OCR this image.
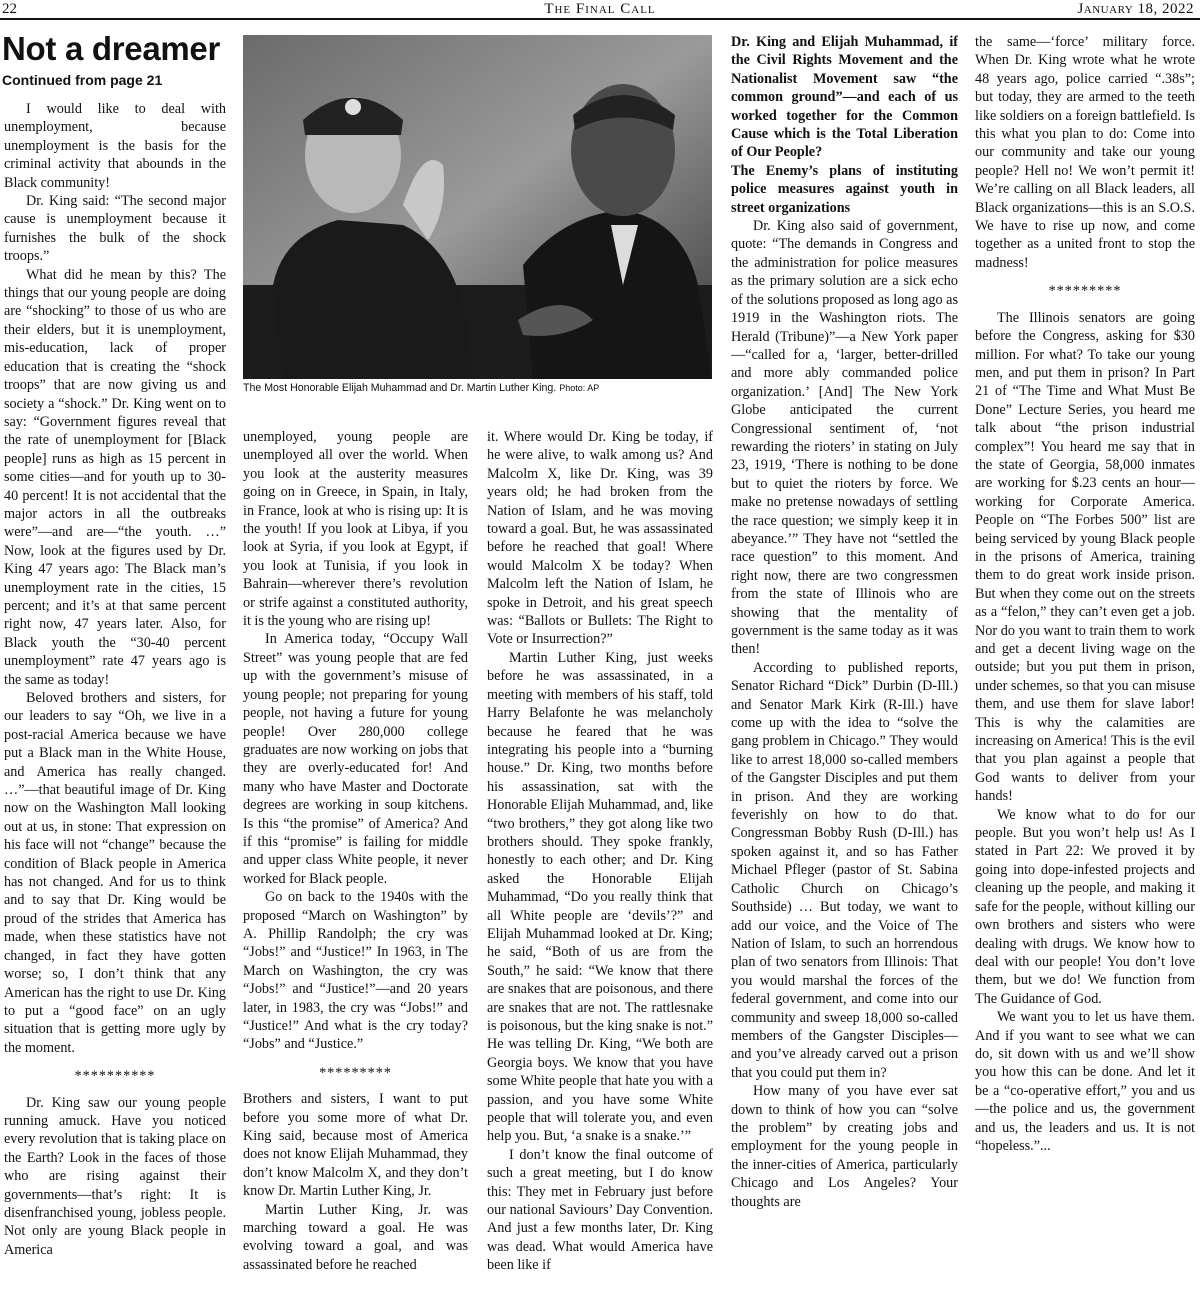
22	The Final Call	January 18, 2022
Not a dreamer
Continued from page 21

I would like to deal with unemployment, because unemployment is the basis for the criminal activity that abounds in the Black community!

Dr. King said: “The second major cause is unemployment because it furnishes the bulk of the shock troops.”

What did he mean by this? The things that our young people are doing are “shocking” to those of us who are their elders, but it is unemployment, mis-education, lack of proper education that is creating the “shock troops” that are now giving us and society a “shock.” Dr. King went on to say: “Government figures reveal that the rate of unemployment for [Black people] runs as high as 15 percent in some cities—and for youth up to 30-40 percent! It is not accidental that the major actors in all the outbreaks were”—and are—“the youth. …” Now, look at the figures used by Dr. King 47 years ago: The Black man’s unemployment rate in the cities, 15 percent; and it’s at that same percent right now, 47 years later. Also, for Black youth the “30-40 percent unemployment” rate 47 years ago is the same as today!

Beloved brothers and sisters, for our leaders to say “Oh, we live in a post-racial America because we have put a Black man in the White House, and America has really changed. …”—that beautiful image of Dr. King now on the Washington Mall looking out at us, in stone: That expression on his face will not “change” because the condition of Black people in America has not changed. And for us to think and to say that Dr. King would be proud of the strides that America has made, when these statistics have not changed, in fact they have gotten worse; so, I don’t think that any American has the right to use Dr. King to put a “good face” on an ugly situation that is getting more ugly by the moment.

**********

Dr. King saw our young people running amuck. Have you noticed every revolution that is taking place on the Earth? Look in the faces of those who are rising against their governments—that’s right: It is disenfranchised young, jobless people. Not only are young Black people in America

The Most Honorable Elijah Muhammad and Dr. Martin Luther King. Photo: AP

unemployed, young people are unemployed all over the world. When you look at the austerity measures going on in Greece, in Spain, in Italy, in France, look at who is rising up: It is the youth! If you look at Libya, if you look at Syria, if you look at Egypt, if you look at Tunisia, if you look in Bahrain—wherever there’s revolution or strife against a constituted authority, it is the young who are rising up!

In America today, “Occupy Wall Street” was young people that are fed up with the government’s misuse of young people; not preparing for young people, not having a future for young people! Over 280,000 college graduates are now working on jobs that they are overly-educated for! And many who have Master and Doctorate degrees are working in soup kitchens. Is this “the promise” of America? And if this “promise” is failing for middle and upper class White people, it never worked for Black people.

Go on back to the 1940s with the proposed “March on Washington” by A. Phillip Randolph; the cry was “Jobs!” and “Justice!” In 1963, in The March on Washington, the cry was “Jobs!” and “Justice!”—and 20 years later, in 1983, the cry was “Jobs!” and “Justice!” And what is the cry today? “Jobs” and “Justice.”

*********

Brothers and sisters, I want to put before you some more of what Dr. King said, because most of America does not know Elijah Muhammad, they don’t know Malcolm X, and they don’t know Dr. Martin Luther King, Jr.

Martin Luther King, Jr. was marching toward a goal. He was evolving toward a goal, and was assassinated before he reached

it. Where would Dr. King be today, if he were alive, to walk among us? And Malcolm X, like Dr. King, was 39 years old; he had broken from the Nation of Islam, and he was moving toward a goal. But, he was assassinated before he reached that goal! Where would Malcolm X be today? When Malcolm left the Nation of Islam, he spoke in Detroit, and his great speech was: “Ballots or Bullets: The Right to Vote or Insurrection?”

Martin Luther King, just weeks before he was assassinated, in a meeting with members of his staff, told Harry Belafonte he was melancholy because he feared that he was integrating his people into a “burning house.” Dr. King, two months before his assassination, sat with the Honorable Elijah Muhammad, and, like “two brothers,” they got along like two brothers should. They spoke frankly, honestly to each other; and Dr. King asked the Honorable Elijah Muhammad, “Do you really think that all White people are ‘devils’?” and Elijah Muhammad looked at Dr. King; he said, “Both of us are from the South,” he said: “We know that there are snakes that are poisonous, and there are snakes that are not. The rattlesnake is poisonous, but the king snake is not.” He was telling Dr. King, “We both are Georgia boys. We know that you have some White people that hate you with a passion, and you have some White people that will tolerate you, and even help you. But, ‘a snake is a snake.’”

I don’t know the final outcome of such a great meeting, but I do know this: They met in February just before our national Saviours’ Day Convention. And just a few months later, Dr. King was dead. What would America have been like if

Dr. King and Elijah Muhammad, if the Civil Rights Movement and the Nationalist Movement saw “the common ground”—and each of us worked together for the Common Cause which is the Total Liberation of Our People?

The Enemy’s plans of instituting police measures against youth in street organizations

Dr. King also said of government, quote: “The demands in Congress and the administration for police measures as the primary solution are a sick echo of the solutions proposed as long ago as 1919 in the Washington riots. The Herald (Tribune)”—a New York paper—“called for a, ‘larger, better-drilled and more ably commanded police organization.’ [And] The New York Globe anticipated the current Congressional sentiment of, ‘not rewarding the rioters’ in stating on July 23, 1919, ‘There is nothing to be done but to quiet the rioters by force. We make no pretense nowadays of settling the race question; we simply keep it in abeyance.’” They have not “settled the race question” to this moment. And right now, there are two congressmen from the state of Illinois who are showing that the mentality of government is the same today as it was then!

According to published reports, Senator Richard “Dick” Durbin (D-Ill.) and Senator Mark Kirk (R-Ill.) have come up with the idea to “solve the gang problem in Chicago.” They would like to arrest 18,000 so-called members of the Gangster Disciples and put them in prison. And they are working feverishly on how to do that. Congressman Bobby Rush (D-Ill.) has spoken against it, and so has Father Michael Pfleger (pastor of St. Sabina Catholic Church on Chicago’s Southside) … But today, we want to add our voice, and the Voice of The Nation of Islam, to such an horrendous plan of two senators from Illinois: That you would marshal the forces of the federal government, and come into our community and sweep 18,000 so-called members of the Gangster Disciples—and you’ve already carved out a prison that you could put them in?

How many of you have ever sat down to think of how you can “solve the problem” by creating jobs and employment for the young people in the inner-cities of America, particularly Chicago and Los Angeles? Your thoughts are

the same—‘force’ military force. When Dr. King wrote what he wrote 48 years ago, police carried “.38s”; but today, they are armed to the teeth like soldiers on a foreign battlefield. Is this what you plan to do: Come into our community and take our young people? Hell no! We won’t permit it! We’re calling on all Black leaders, all Black organizations—this is an S.O.S. We have to rise up now, and come together as a united front to stop the madness!

*********

The Illinois senators are going before the Congress, asking for $30 million. For what? To take our young men, and put them in prison? In Part 21 of “The Time and What Must Be Done” Lecture Series, you heard me talk about “the prison industrial complex”! You heard me say that in the state of Georgia, 58,000 inmates are working for $.23 cents an hour—working for Corporate America. People on “The Forbes 500” list are being serviced by young Black people in the prisons of America, training them to do great work inside prison. But when they come out on the streets as a “felon,” they can’t even get a job. Nor do you want to train them to work and get a decent living wage on the outside; but you put them in prison, under schemes, so that you can misuse them, and use them for slave labor! This is why the calamities are increasing on America! This is the evil that you plan against a people that God wants to deliver from your hands!

We know what to do for our people. But you won’t help us! As I stated in Part 22: We proved it by going into dope-infested projects and cleaning up the people, and making it safe for the people, without killing our own brothers and sisters who were dealing with drugs. We know how to deal with our people! You don’t love them, but we do! We function from The Guidance of God.

We want you to let us have them. And if you want to see what we can do, sit down with us and we’ll show you how this can be done. And let it be a “co-operative effort,” you and us—the police and us, the government and us, the leaders and us. It is not “hopeless.”...
